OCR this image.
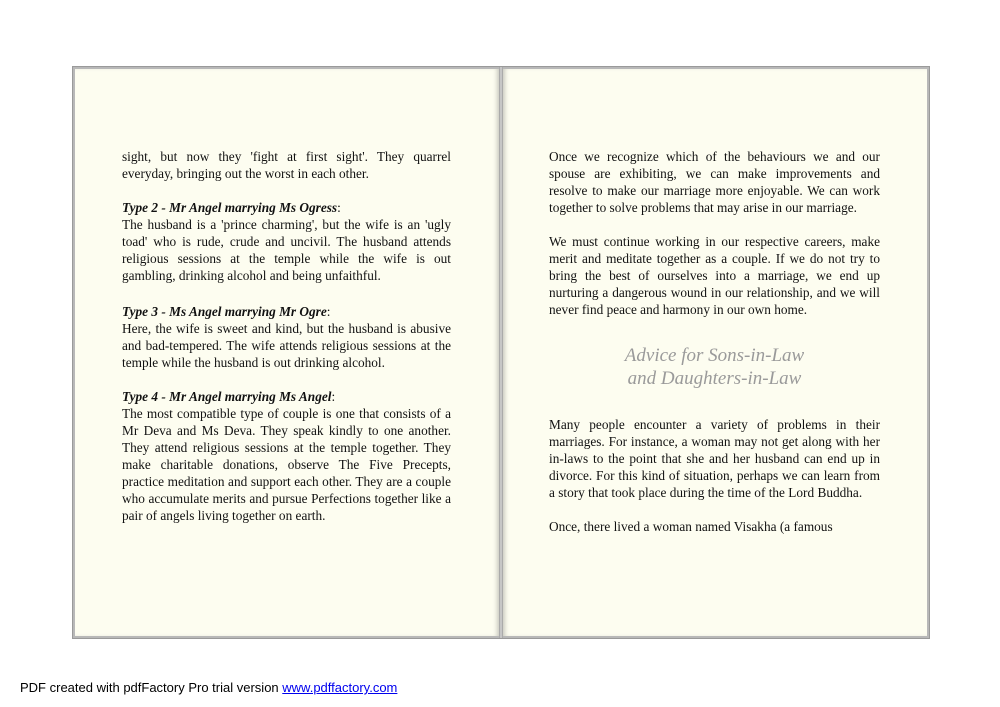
sight, but now they 'fight at first sight'. They quarrel everyday, bringing out the worst in each other.

Type 2 - Mr Angel marrying Ms Ogress:

The husband is a 'prince charming', but the wife is an 'ugly toad' who is rude, crude and uncivil. The husband attends religious sessions at the temple while the wife is out gambling, drinking alcohol and being unfaithful.

Type 3 - Ms Angel marrying Mr Ogre:

Here, the wife is sweet and kind, but the husband is abusive and bad-tempered. The wife attends religious sessions at the temple while the husband is out drinking alcohol.

Type 4 - Mr Angel marrying Ms Angel:

The most compatible type of couple is one that consists of a Mr Deva and Ms Deva. They speak kindly to one another. They attend religious sessions at the temple together. They make charitable donations, observe The Five Precepts, practice meditation and support each other. They are a couple who accumulate merits and pursue Perfections together like a pair of angels living together on earth.

Once we recognize which of the behaviours we and our spouse are exhibiting, we can make improvements and resolve to make our marriage more enjoyable. We can work together to solve problems that may arise in our marriage.

We must continue working in our respective careers, make merit and meditate together as a couple. If we do not try to bring the best of ourselves into a marriage, we end up nurturing a dangerous wound in our relationship, and we will never find peace and harmony in our own home.

Advice for Sons-in-Law
and Daughters-in-Law

Many people encounter a variety of problems in their marriages. For instance, a woman may not get along with her in-laws to the point that she and her husband can end up in divorce. For this kind of situation, perhaps we can learn from a story that took place during the time of the Lord Buddha.

Once, there lived a woman named Visakha (a famous

PDF created with pdfFactory Pro trial version www.pdffactory.com
